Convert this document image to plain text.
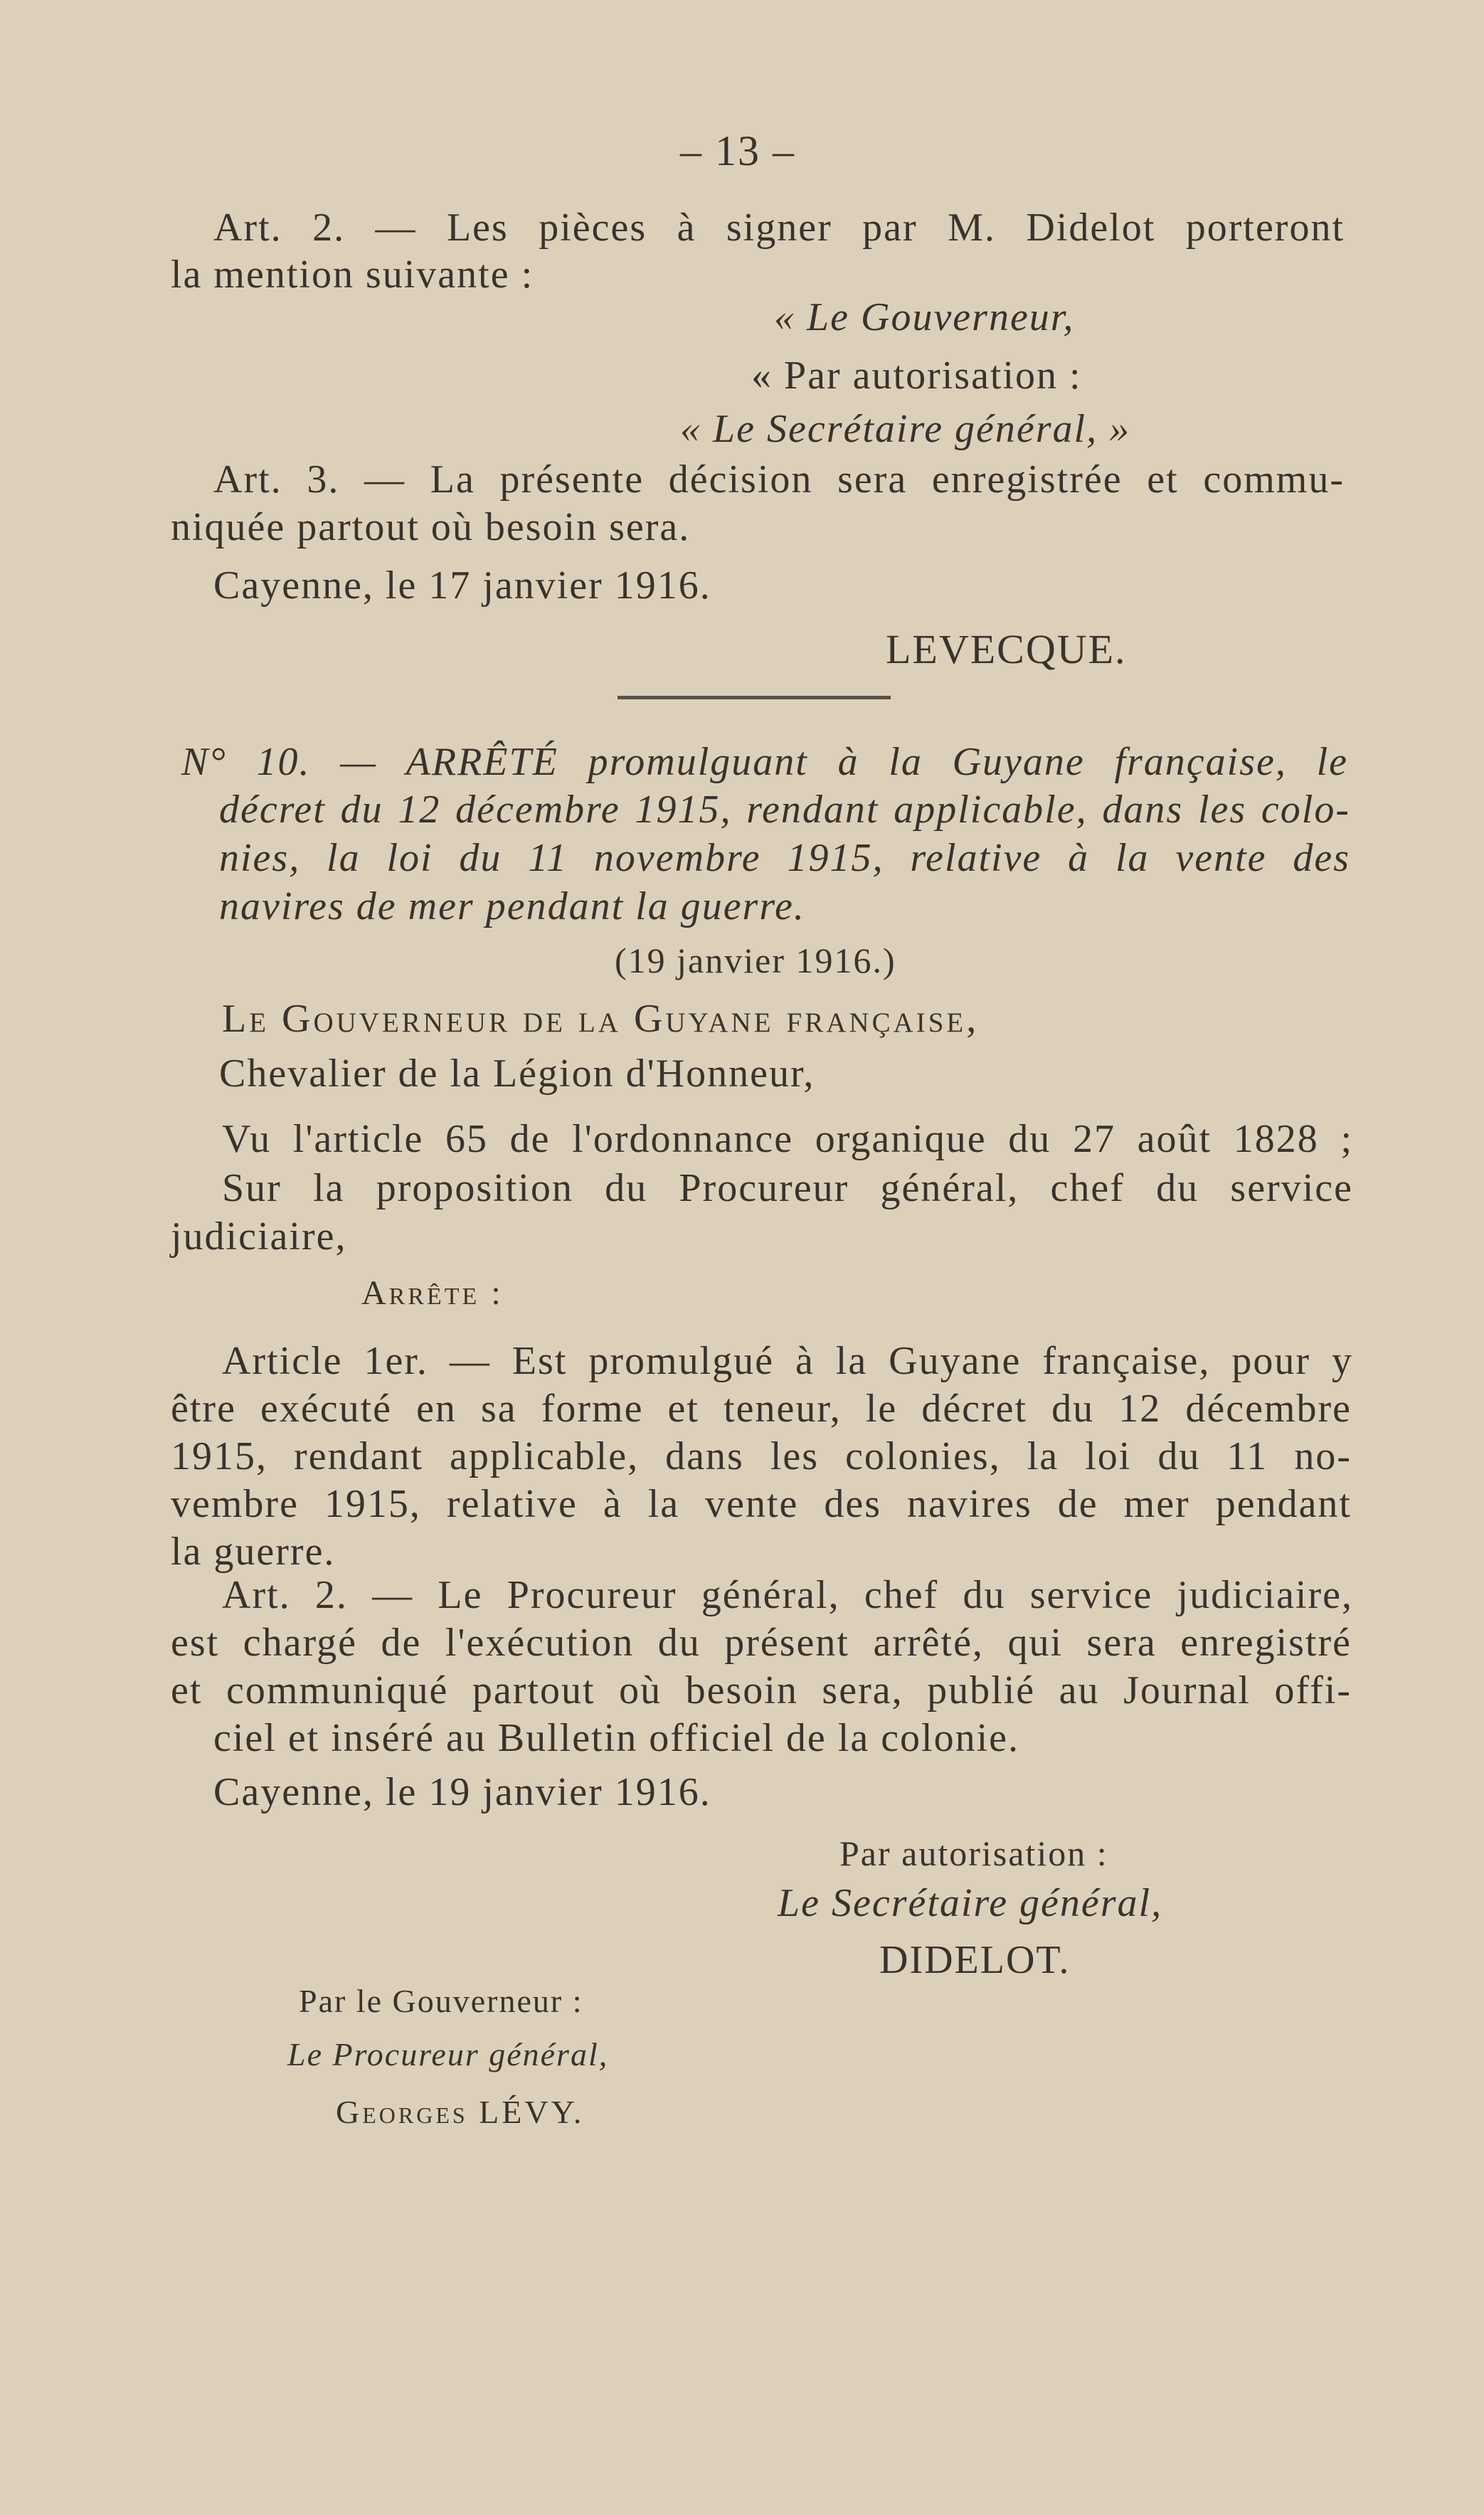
– 13 –
Art. 2. — Les pièces à signer par M. Didelot porteront
la mention suivante :
« Le Gouverneur,
« Par autorisation :
« Le Secrétaire général, »
Art. 3. — La présente décision sera enregistrée et commu-
niquée partout où besoin sera.
Cayenne, le 17 janvier 1916.
LEVECQUE.
N° 10. — ARRÊTÉ promulguant à la Guyane française, le
décret du 12 décembre 1915, rendant applicable, dans les colo-
nies, la loi du 11 novembre 1915, relative à la vente des
navires de mer pendant la guerre.
(19 janvier 1916.)
Le Gouverneur de la Guyane française,
Chevalier de la Légion d'Honneur,
Vu l'article 65 de l'ordonnance organique du 27 août 1828 ;
Sur la proposition du Procureur général, chef du service
judiciaire,
Arrête :
Article 1er. — Est promulgué à la Guyane française, pour y
être exécuté en sa forme et teneur, le décret du 12 décembre
1915, rendant applicable, dans les colonies, la loi du 11 no-
vembre 1915, relative à la vente des navires de mer pendant
la guerre.
Art. 2. — Le Procureur général, chef du service judiciaire,
est chargé de l'exécution du présent arrêté, qui sera enregistré
et communiqué partout où besoin sera, publié au Journal offi-
ciel et inséré au Bulletin officiel de la colonie.
Cayenne, le 19 janvier 1916.
Par autorisation :
Le Secrétaire général,
DIDELOT.
Par le Gouverneur :
Le Procureur général,
Georges LÉVY.
